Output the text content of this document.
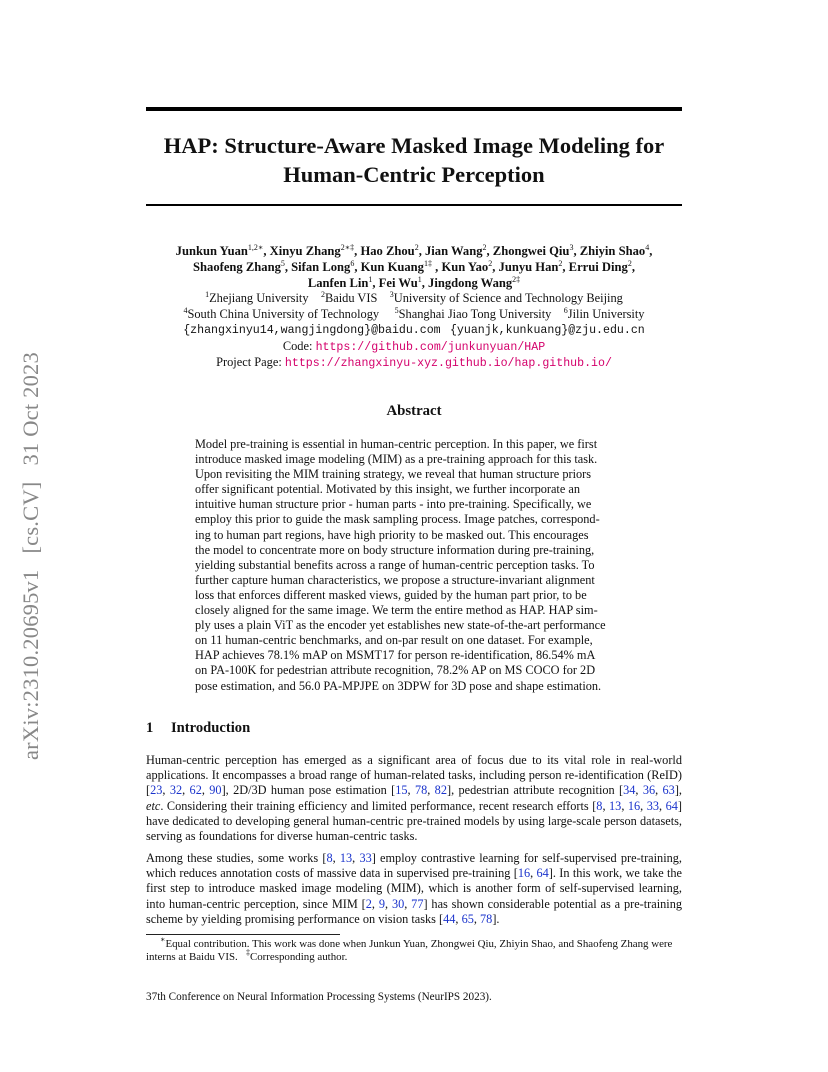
arXiv:2310.20695v1[cs.CV]31 Oct 2023
HAP: Structure-Aware Masked Image Modeling for
Human-Centric Perception
Junkun Yuan$^{1,2∗}$, Xinyu Zhang$^{2∗\ddagger}$, Hao Zhou$^2$, Jian Wang$^2$, Zhongwei Qiu$^3$, Zhiyin Shao$^4$,
Shaofeng Zhang$^5$, Sifan Long$^6$, Kun Kuang$^{1\ddagger}$ , Kun Yao$^2$, Junyu Han$^2$, Errui Ding$^2$,
Lanfen Lin$^1$, Fei Wu$^1$, Jingdong Wang$^{2\ddagger}$
$^1$Zhejiang University $^2$Baidu VIS $^3$University of Science and Technology Beijing
$^4$South China University of Technology $^5$Shanghai Jiao Tong University $^6$Jilin University
{zhangxinyu14,wangjingdong}@baidu.com {yuanjk,kunkuang}@zju.edu.cn
Code: https://github.com/junkunyuan/HAP
Project Page: https://zhangxinyu-xyz.github.io/hap.github.io/
Abstract
Model pre-training is essential in human-centric perception. In this paper, we first
introduce masked image modeling (MIM) as a pre-training approach for this task.
Upon revisiting the MIM training strategy, we reveal that human structure priors
offer significant potential. Motivated by this insight, we further incorporate an
intuitive human structure prior - human parts - into pre-training. Specifically, we
employ this prior to guide the mask sampling process. Image patches, correspond-
ing to human part regions, have high priority to be masked out. This encourages
the model to concentrate more on body structure information during pre-training,
yielding substantial benefits across a range of human-centric perception tasks. To
further capture human characteristics, we propose a structure-invariant alignment
loss that enforces different masked views, guided by the human part prior, to be
closely aligned for the same image. We term the entire method as HAP. HAP sim-
ply uses a plain ViT as the encoder yet establishes new state-of-the-art performance
on 11 human-centric benchmarks, and on-par result on one dataset. For example,
HAP achieves 78.1% mAP on MSMT17 for person re-identification, 86.54% mA
on PA-100K for pedestrian attribute recognition, 78.2% AP on MS COCO for 2D
pose estimation, and 56.0 PA-MPJPE on 3DPW for 3D pose and shape estimation.
1 Introduction
Human-centric perception has emerged as a significant area of focus due to its vital role in real-world applications. It encompasses a broad range of human-related tasks, including person re-identification (ReID) [23, 32, 62, 90], 2D/3D human pose estimation [15, 78, 82], pedestrian attribute recognition [34, 36, 63], etc. Considering their training efficiency and limited performance, recent research efforts [8, 13, 16, 33, 64] have dedicated to developing general human-centric pre-trained models by using large-scale person datasets, serving as foundations for diverse human-centric tasks.
Among these studies, some works [8, 13, 33] employ contrastive learning for self-supervised pre-training, which reduces annotation costs of massive data in supervised pre-training [16, 64]. In this work, we take the first step to introduce masked image modeling (MIM), which is another form of self-supervised learning, into human-centric perception, since MIM [2, 9, 30, 77] has shown considerable potential as a pre-training scheme by yielding promising performance on vision tasks [44, 65, 78].
∗Equal contribution. This work was done when Junkun Yuan, Zhongwei Qiu, Zhiyin Shao, and Shaofeng Zhang were interns at Baidu VIS. ‡Corresponding author.
37th Conference on Neural Information Processing Systems (NeurIPS 2023).
